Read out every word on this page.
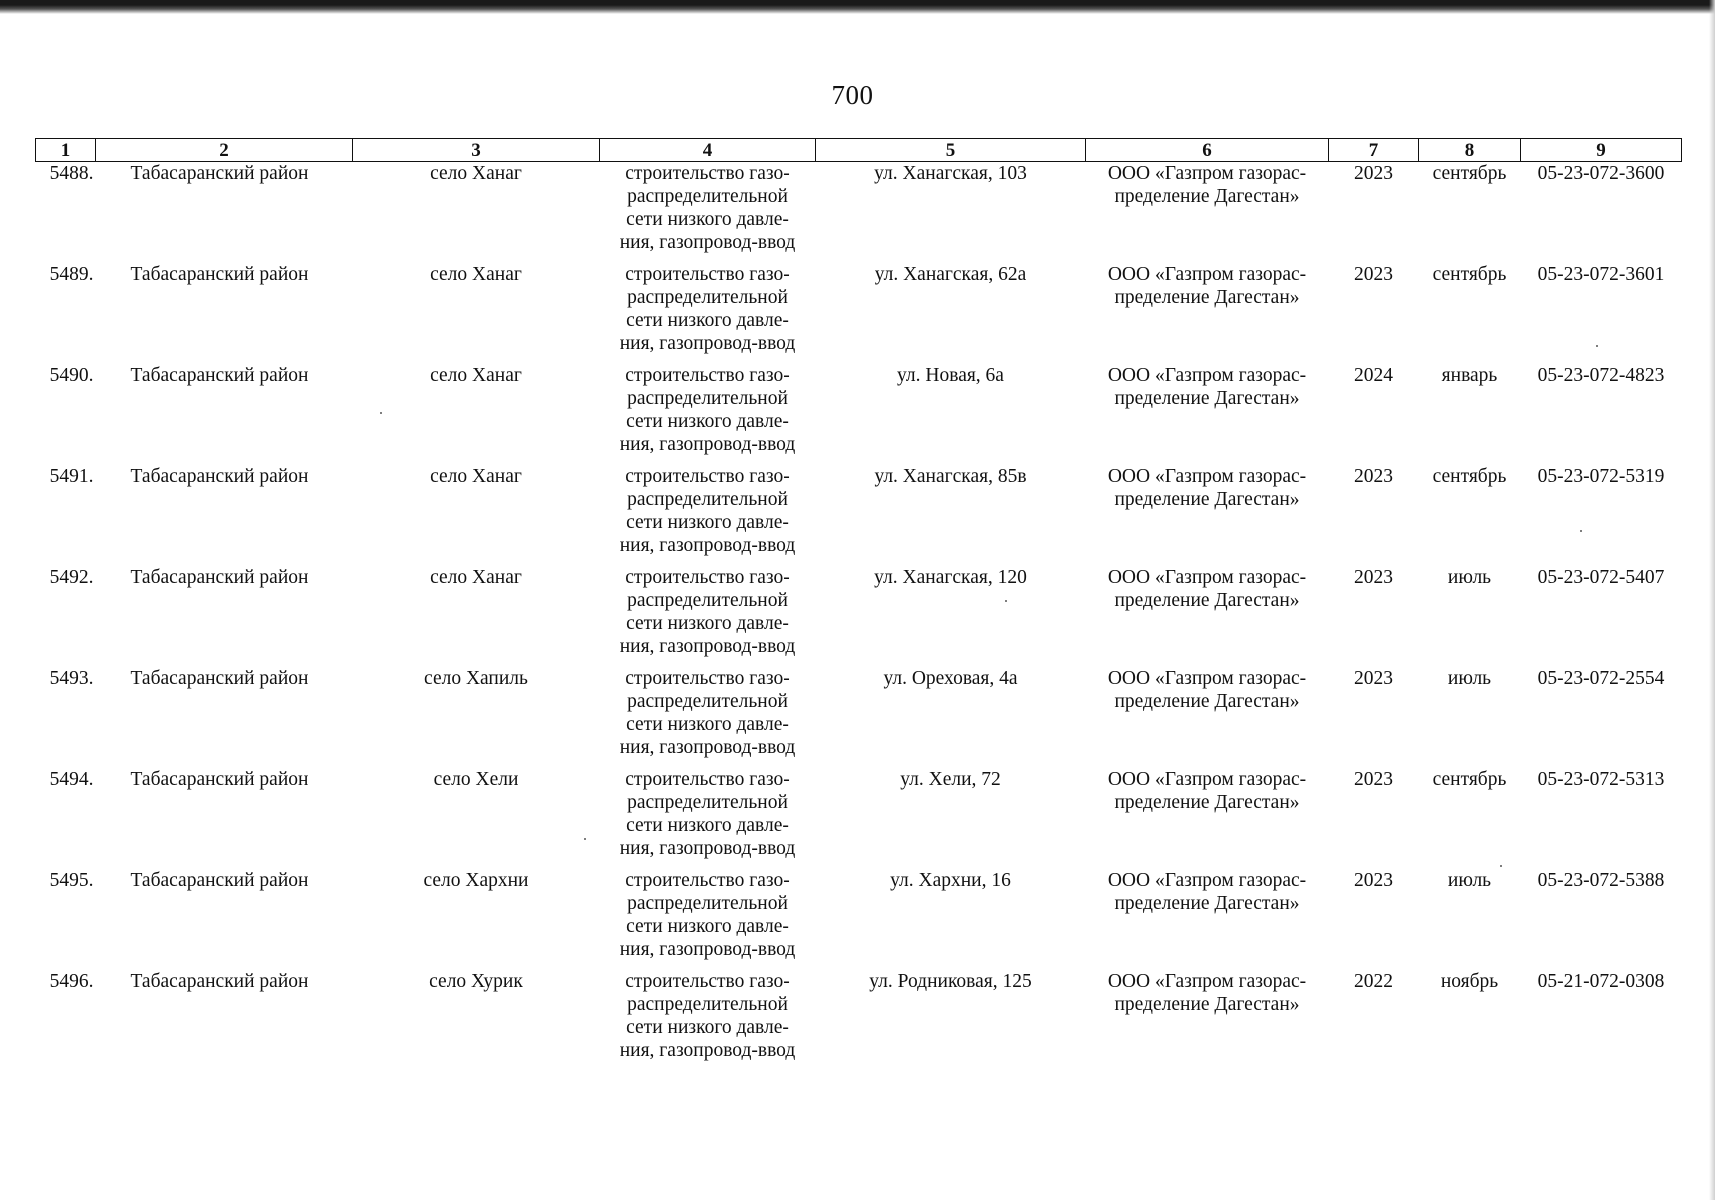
700
1	2	3	4	5	6	7	8	9
5488.	Табасаранский район	село Ханаг	строительство газо-
распределительной
сети низкого давле-
ния, газопровод-ввод	ул. Ханагская, 103	ООО «Газпром газорас-
пределение Дагестан»	2023	сентябрь	05-23-072-3600
5489.	Табасаранский район	село Ханаг	строительство газо-
распределительной
сети низкого давле-
ния, газопровод-ввод	ул. Ханагская, 62а	ООО «Газпром газорас-
пределение Дагестан»	2023	сентябрь	05-23-072-3601
5490.	Табасаранский район	село Ханаг	строительство газо-
распределительной
сети низкого давле-
ния, газопровод-ввод	ул. Новая, 6а	ООО «Газпром газорас-
пределение Дагестан»	2024	январь	05-23-072-4823
5491.	Табасаранский район	село Ханаг	строительство газо-
распределительной
сети низкого давле-
ния, газопровод-ввод	ул. Ханагская, 85в	ООО «Газпром газорас-
пределение Дагестан»	2023	сентябрь	05-23-072-5319
5492.	Табасаранский район	село Ханаг	строительство газо-
распределительной
сети низкого давле-
ния, газопровод-ввод	ул. Ханагская, 120	ООО «Газпром газорас-
пределение Дагестан»	2023	июль	05-23-072-5407
5493.	Табасаранский район	село Хапиль	строительство газо-
распределительной
сети низкого давле-
ния, газопровод-ввод	ул. Ореховая, 4а	ООО «Газпром газорас-
пределение Дагестан»	2023	июль	05-23-072-2554
5494.	Табасаранский район	село Хели	строительство газо-
распределительной
сети низкого давле-
ния, газопровод-ввод	ул. Хели, 72	ООО «Газпром газорас-
пределение Дагестан»	2023	сентябрь	05-23-072-5313
5495.	Табасаранский район	село Хархни	строительство газо-
распределительной
сети низкого давле-
ния, газопровод-ввод	ул. Хархни, 16	ООО «Газпром газорас-
пределение Дагестан»	2023	июль	05-23-072-5388
5496.	Табасаранский район	село Хурик	строительство газо-
распределительной
сети низкого давле-
ния, газопровод-ввод	ул. Родниковая, 125	ООО «Газпром газорас-
пределение Дагестан»	2022	ноябрь	05-21-072-0308
